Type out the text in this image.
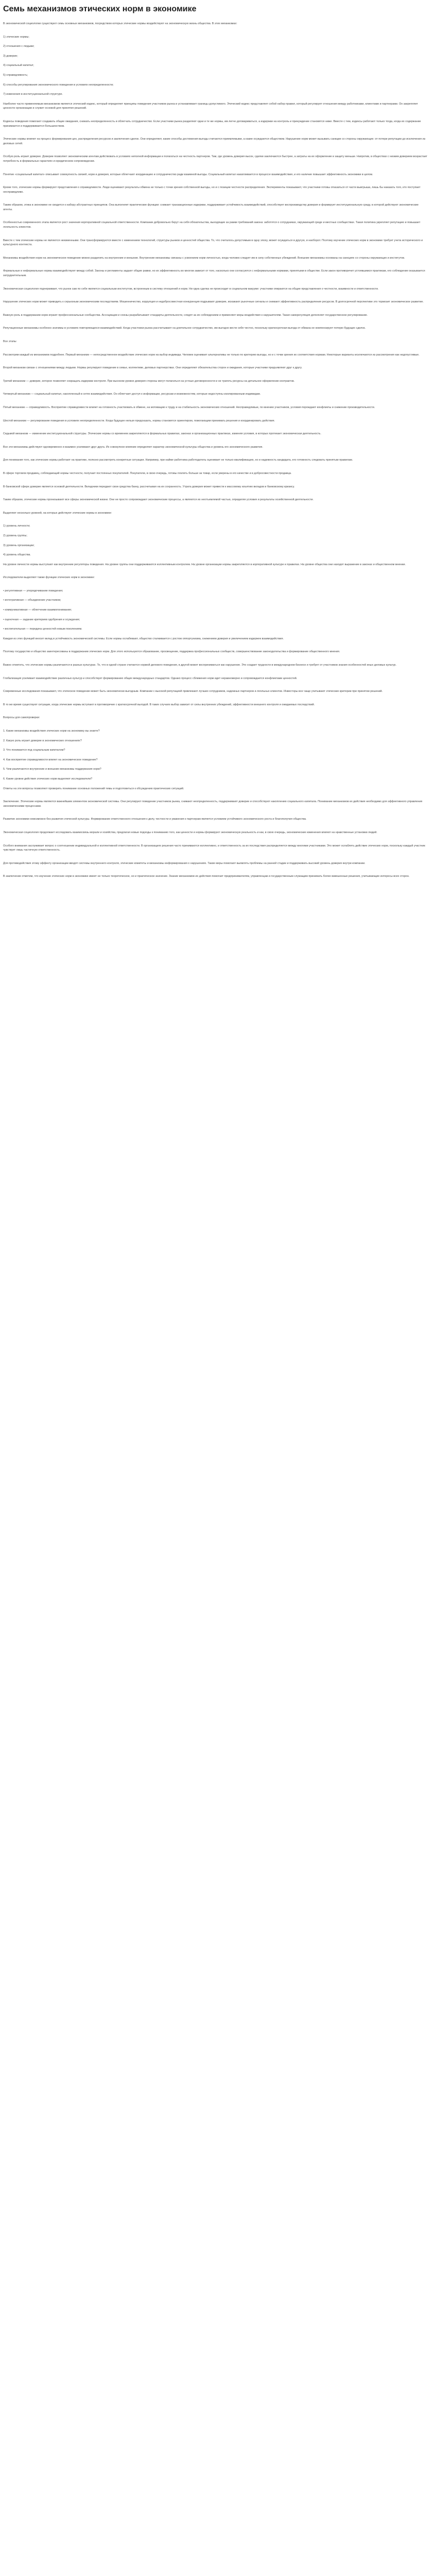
Семь механизмов этических норм в экономике

В экономической социологии существуют семь основных механизмов, посредством которых этические нормы воздействуют на экономическую жизнь общества. В этих механизмах:

1) этические нормы;

2) отношения с людьми;

3) доверие;

4) социальный капитал;

5) справедливость;

6) способы регулирования экономического поведения в условиях неопределенности;

7) изменения в институциональной структуре.

Наиболее часто применяемым механизмом является этический кодекс, который определяет принципы поведения участников рынка и устанавливает границы допустимого. Этический кодекс представляет собой набор правил, который регулирует отношения между работниками, клиентами и партнерами. Он закрепляет ценности организации и служит основой для принятия решений.

Кодексы поведения помогают создавать общие ожидания, снижать неопределенность и облегчать сотрудничество. Если участники рынка разделяют одни и те же нормы, им легче договариваться, а издержки на контроль и принуждение становятся ниже. Вместе с тем, кодексы работают только тогда, когда их содержание принимается и поддерживается большинством.

Этические нормы влияют на процесс формирования цен, распределения ресурсов и заключения сделок. Они определяют, какие способы достижения выгоды считаются приемлемыми, а какие осуждаются обществом. Нарушение норм может вызывать санкции со стороны окружающих: от потери репутации до исключения из деловых сетей.

Особую роль играет доверие. Доверие позволяет экономическим агентам действовать в условиях неполной информации и полагаться на честность партнеров. Там, где уровень доверия высок, сделки заключаются быстрее, а затраты на их оформление и защиту меньше. Напротив, в обществах с низким доверием возрастает потребность в формальных гарантиях и юридическом сопровождении.

Понятие «социальный капитал» описывает совокупность связей, норм и доверия, которые облегчают координацию и сотрудничество ради взаимной выгоды. Социальный капитал накапливается в процессе взаимодействия, и его наличие повышает эффективность экономики в целом.

Кроме того, этические нормы формируют представления о справедливости. Люди оценивают результаты обмена не только с точки зрения собственной выгоды, но и с позиции честности распределения. Эксперименты показывают, что участники готовы отказаться от части выигрыша, лишь бы наказать того, кто поступает несправедливо.

Таким образом, этика в экономике не сводится к набору абстрактных принципов. Она выполняет практические функции: снижает транзакционные издержки, поддерживает устойчивость взаимодействий, способствует воспроизводству доверия и формирует институциональную среду, в которой действуют экономические агенты.

Особенностью современного этапа является рост значения корпоративной социальной ответственности. Компании добровольно берут на себя обязательства, выходящие за рамки требований закона: заботятся о сотрудниках, окружающей среде и местных сообществах. Такая политика укрепляет репутацию и повышает лояльность клиентов.

Вместе с тем этические нормы не являются неизменными. Они трансформируются вместе с изменением технологий, структуры рынков и ценностей общества. То, что считалось допустимым в одну эпоху, может осуждаться в другую, и наоборот. Поэтому изучение этических норм в экономике требует учета исторического и культурного контекста.

Механизмы воздействия норм на экономическое поведение можно разделить на внутренние и внешние. Внутренние механизмы связаны с усвоением норм личностью, когда человек следует им в силу собственных убеждений. Внешние механизмы основаны на санкциях со стороны окружающих и институтов.

Формальные и неформальные нормы взаимодействуют между собой. Законы и регламенты задают общие рамки, но их эффективность во многом зависит от того, насколько они согласуются с неформальными нормами, принятыми в обществе. Если закон противоречит устоявшимся практикам, его соблюдение оказывается затруднительным.

Экономическая социология подчеркивает, что рынок сам по себе является социальным институтом, встроенным в систему отношений и норм. Ни одна сделка не происходит в социальном вакууме: участники опираются на общие представления о честности, взаимности и ответственности.

Нарушение этических норм может приводить к серьезным экономическим последствиям. Мошенничество, коррупция и недобросовестная конкуренция подрывают доверие, искажают рыночные сигналы и снижают эффективность распределения ресурсов. В долгосрочной перспективе это тормозит экономическое развитие.

Важную роль в поддержании норм играют профессиональные сообщества. Ассоциации и союзы разрабатывают стандарты деятельности, следят за их соблюдением и применяют меры воздействия к нарушителям. Такая саморегуляция дополняет государственное регулирование.

Репутационные механизмы особенно значимы в условиях повторяющихся взаимодействий. Когда участники рынка рассчитывают на длительное сотрудничество, им выгодно вести себя честно, поскольку краткосрочная выгода от обмана не компенсирует потерю будущих сделок.

Все этапы

Рассмотрим каждый из механизмов подробнее. Первый механизм — непосредственное воздействие этических норм на выбор индивида. Человек оценивает альтернативы не только по критерию выгоды, но и с точки зрения их соответствия нормам. Некоторые варианты исключаются из рассмотрения как недопустимые.

Второй механизм связан с отношениями между людьми. Нормы регулируют поведение в семье, коллективе, деловых партнерствах. Они определяют обязательства сторон и ожидания, которые участники предъявляют друг к другу.

Третий механизм — доверие, которое позволяет сокращать издержки контроля. При высоком уровне доверия стороны могут полагаться на устные договоренности и не тратить ресурсы на детальное оформление контрактов.

Четвертый механизм — социальный капитал, накопленный в сетях взаимодействия. Он облегчает доступ к информации, ресурсам и возможностям, которые недоступны изолированным индивидам.

Пятый механизм — справедливость. Восприятие справедливости влияет на готовность участвовать в обмене, на мотивацию к труду и на стабильность экономических отношений. Несправедливые, по мнению участников, условия порождают конфликты и снижение производительности.

Шестой механизм — регулирование поведения в условиях неопределенности. Когда будущее нельзя предсказать, нормы становятся ориентиром, помогающим принимать решения и координировать действия.

Седьмой механизм — изменение институциональной структуры. Этические нормы со временем закрепляются в формальных правилах, законах и организационных практиках, изменяя условия, в которых протекает экономическая деятельность.

Все эти механизмы действуют одновременно и взаимно усиливают друг друга. Их совокупное влияние определяет характер экономической культуры общества и уровень его экономического развития.

Для понимания того, как этические нормы работают на практике, полезно рассмотреть конкретные ситуации. Например, при найме работника работодатель оценивает не только квалификацию, но и надежность кандидата, его готовность следовать принятым правилам.

В сфере торговли продавец, соблюдающий нормы честности, получает постоянных покупателей. Покупатели, в свою очередь, готовы платить больше за товар, если уверены в его качестве и в добросовестности продавца.

В банковской сфере доверие является основой деятельности. Вкладчики передают свои средства банку, рассчитывая на их сохранность. Утрата доверия может привести к массовому изъятию вкладов и банковскому кризису.

Таким образом, этические нормы пронизывают все сферы экономической жизни. Они не просто сопровождают экономические процессы, а являются их неотъемлемой частью, определяя условия и результаты хозяйственной деятельности.

Выделяют несколько уровней, на которых действуют этические нормы в экономике:

1) уровень личности;

2) уровень группы;

3) уровень организации;

4) уровень общества.

На уровне личности нормы выступают как внутренние регуляторы поведения. На уровне группы они поддерживаются коллективным контролем. На уровне организации нормы закрепляются в корпоративной культуре и правилах. На уровне общества они находят выражение в законах и общественном мнении.

Исследователи выделяют также функции этических норм в экономике:

• регулятивная — упорядочивание поведения;

• интегративная — объединение участников;

• коммуникативная — облегчение взаимопонимания;

• оценочная — задание критериев одобрения и осуждения;

• воспитательная — передача ценностей новым поколениям.

Каждая из этих функций вносит вклад в устойчивость экономической системы. Если нормы ослабевают, общество сталкивается с ростом оппортунизма, снижением доверия и увеличением издержек взаимодействия.

Поэтому государство и общество заинтересованы в поддержании этических норм. Для этого используются образование, просвещение, поддержка профессиональных сообществ, совершенствование законодательства и формирование общественного мнения.

Важно отметить, что этические нормы различаются в разных культурах. То, что в одной стране считается нормой делового поведения, в другой может восприниматься как нарушение. Это создает трудности в международном бизнесе и требует от участников знания особенностей иных деловых культур.

Глобализация усиливает взаимодействие различных культур и способствует формированию общих международных стандартов. Однако процесс сближения норм идет неравномерно и сопровождается конфликтами ценностей.

Современные исследования показывают, что этическое поведение может быть экономически выгодным. Компании с высокой репутацией привлекают лучших сотрудников, надежных партнеров и лояльных клиентов. Инвесторы все чаще учитывают этические критерии при принятии решений.

В то же время существуют ситуации, когда этические нормы вступают в противоречие с краткосрочной выгодой. В таких случаях выбор зависит от силы внутренних убеждений, эффективности внешнего контроля и ожидаемых последствий.

Вопросы для самопроверки:

1. Какие механизмы воздействия этических норм на экономику вы знаете?

2. Какую роль играет доверие в экономических отношениях?

3. Что понимается под социальным капиталом?

4. Как восприятие справедливости влияет на экономическое поведение?

5. Чем различаются внутренние и внешние механизмы поддержания норм?

6. Какие уровни действия этических норм выделяют исследователи?

Ответы на эти вопросы позволяют проверить понимание основных положений темы и подготовиться к обсуждению практических ситуаций.

Заключение. Этические нормы являются важнейшим элементом экономической системы. Они регулируют поведение участников рынка, снижают неопределенность, поддерживают доверие и способствуют накоплению социального капитала. Понимание механизмов их действия необходимо для эффективного управления экономическими процессами.

Развитие экономики невозможно без развития этической культуры. Формирование ответственного отношения к делу, честности и уважения к партнерам является условием устойчивого экономического роста и благополучия общества.

Экономическая социология продолжает исследовать взаимосвязь морали и хозяйства, предлагая новые подходы к пониманию того, как ценности и нормы формируют экономическую реальность и как, в свою очередь, экономические изменения влияют на нравственные установки людей.

Особого внимания заслуживает вопрос о соотношении индивидуальной и коллективной ответственности. В организациях решения часто принимаются коллективно, и ответственность за их последствия распределяется между многими участниками. Это может ослаблять действие этических норм, поскольку каждый участник чувствует лишь частичную ответственность.

Для противодействия этому эффекту организации вводят системы внутреннего контроля, этические комитеты и механизмы информирования о нарушениях. Такие меры помогают выявлять проблемы на ранней стадии и поддерживать высокий уровень доверия внутри компании.

В заключение отметим, что изучение этических норм в экономике имеет не только теоретическое, но и практическое значение. Знание механизмов их действия помогает предпринимателям, управленцам и государственным служащим принимать более взвешенные решения, учитывающие интересы всех сторон.
